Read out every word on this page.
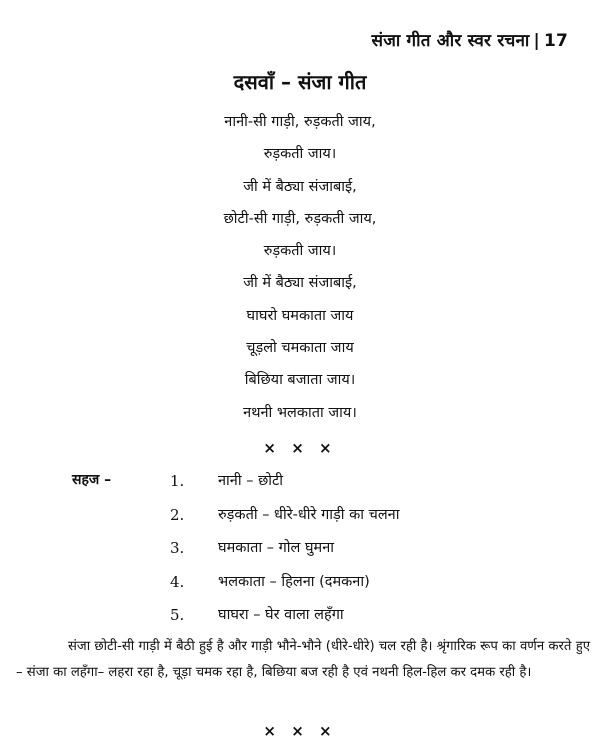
संजा गीत और स्वर रचना | 17
दसवाँ – संजा गीत
नानी-सी गाड़ी, रुड़कती जाय,
रुड़कती जाय।
जी में बैठ्या संजाबाई,
छोटी-सी गाड़ी, रुड़कती जाय,
रुड़कती जाय।
जी में बैठ्या संजाबाई,
घाघरो घमकाता जाय
चूड़लो चमकाता जाय
बिछिया बजाता जाय।
नथनी भलकाता जाय।
× × ×
सहज –	1. नानी – छोटी
2. रुड़कती – धीरे-धीरे गाड़ी का चलना
3. घमकाता – गोल घुमना
4. भलकाता – हिलना (दमकना)
5. घाघरा – घेर वाला लहँगा
संजा छोटी-सी गाड़ी में बैठी हुई है और गाड़ी भौने-भौने (धीरे-धीरे) चल रही है। श्रृंगारिक रूप का वर्णन करते हुए – संजा का लहँगा– लहरा रहा है, चूड़ा चमक रहा है, बिछिया बज रही है एवं नथनी हिल-हिल कर दमक रही है।
× × ×
